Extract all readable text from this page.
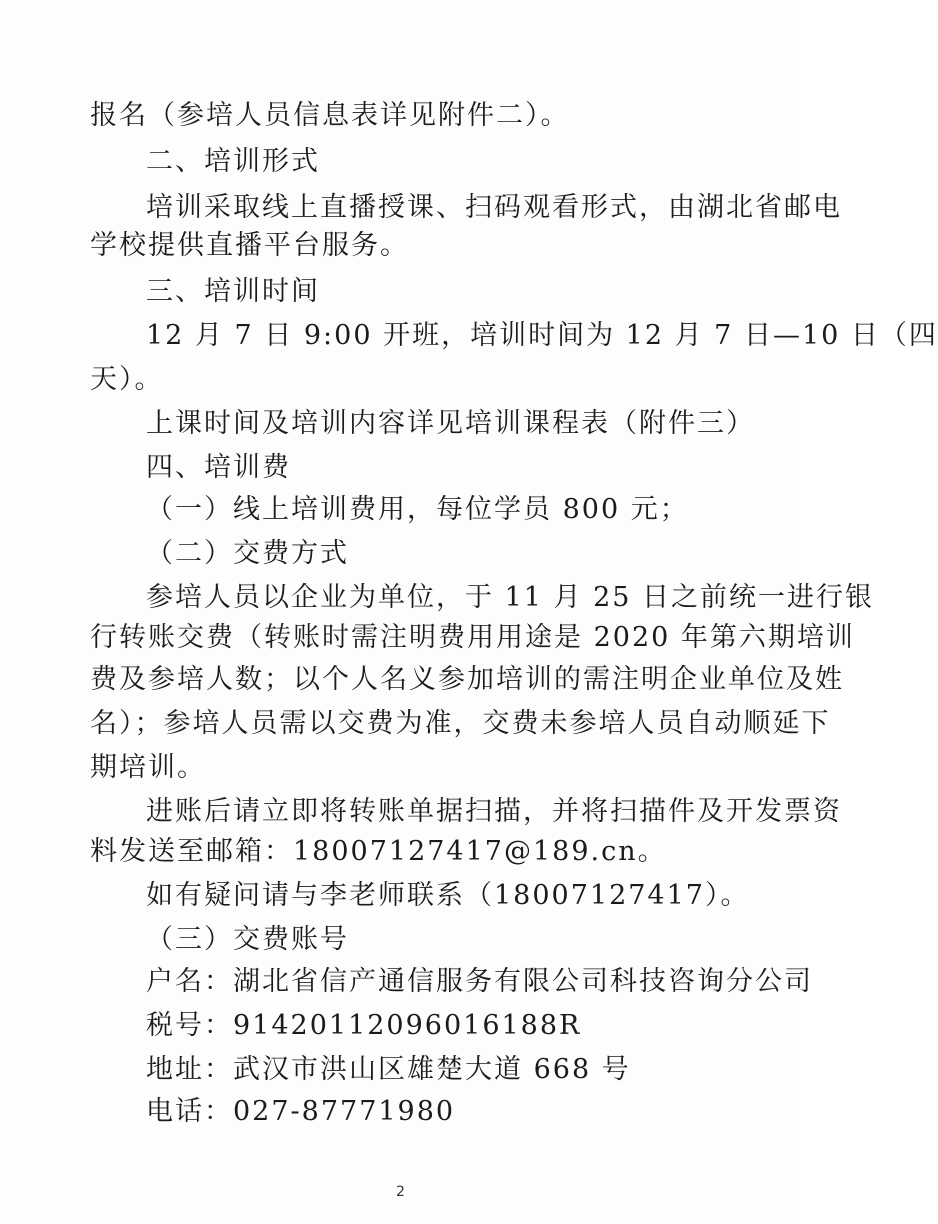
报名（参培人员信息表详见附件二）。
二、培训形式
培训采取线上直播授课、扫码观看形式，由湖北省邮电
学校提供直播平台服务。
三、培训时间
12 月 7 日 9:00 开班，培训时间为 12 月 7 日—10 日（四
天）。
上课时间及培训内容详见培训课程表（附件三）
四、培训费
（一）线上培训费用，每位学员 800 元；
（二）交费方式
参培人员以企业为单位，于 11 月 25 日之前统一进行银
行转账交费（转账时需注明费用用途是 2020 年第六期培训
费及参培人数；以个人名义参加培训的需注明企业单位及姓
名）；参培人员需以交费为准，交费未参培人员自动顺延下
期培训。
进账后请立即将转账单据扫描，并将扫描件及开发票资
料发送至邮箱：18007127417@189.cn。
如有疑问请与李老师联系（18007127417）。
（三）交费账号
户名：湖北省信产通信服务有限公司科技咨询分公司
税号：91420112096016188R
地址：武汉市洪山区雄楚大道 668 号
电话：027-87771980
2
